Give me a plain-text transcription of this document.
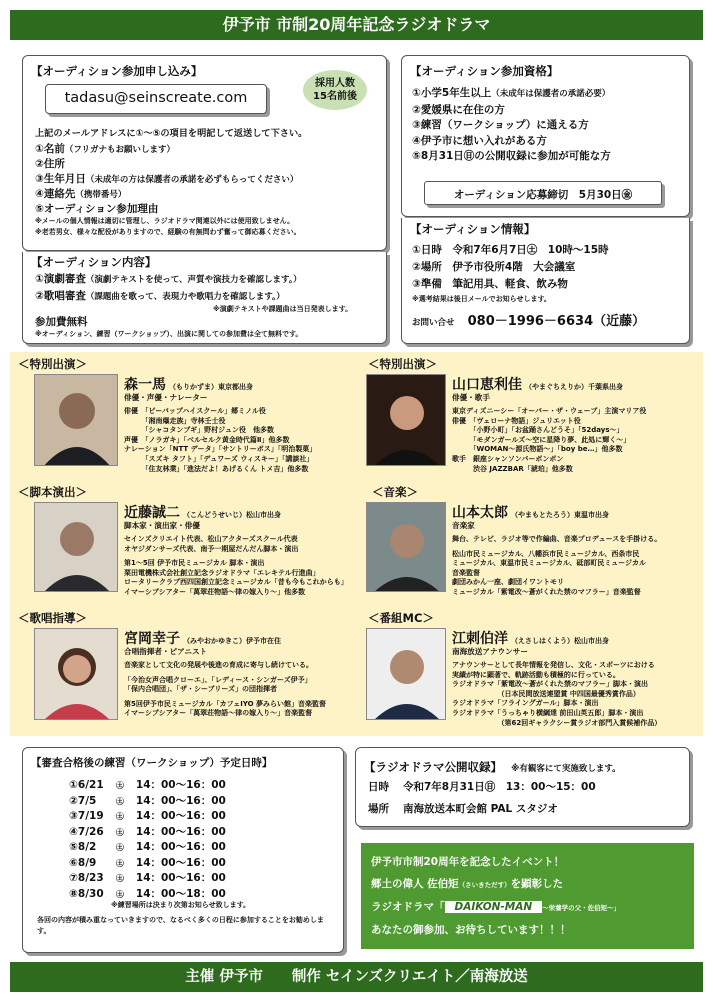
伊予市 市制20周年記念ラジオドラマ
【オーディション参加申し込み】
tadasu@seinscreate.com
採用人数
15名前後
上記のメールアドレスに①～⑤の項目を明記して返送して下さい。
①名前（フリガナもお願いします）
②住所
③生年月日（未成年の方は保護者の承諾を必ずもらってください）
④連絡先（携帯番号）
⑤オーディション参加理由
※メールの個人情報は適切に管理し、ラジオドラマ関連以外には使用致しません。
※老若男女、様々な配役がありますので、経験の有無問わず奮って御応募ください。
【オーディション内容】
①演劇審査（演劇テキストを使って、声質や演技力を確認します。）
②歌唱審査（課題曲を歌って、表現力や歌唱力を確認します。）
※演劇テキストや課題曲は当日発表します。
参加費無料
※オーディション、練習（ワークショップ）、出演に関しての参加費は全て無料です。
【オーディション参加資格】
①小学5年生以上（未成年は保護者の承諾必要）
②愛媛県に在住の方
③練習（ワークショップ）に通える方
④伊予市に想い入れがある方
⑤8月31日㊐の公開収録に参加が可能な方
オーディション応募締切　5月30日㊎
【オーディション情報】
①日時　令和7年6月7日㊏　10時～15時
②場所　伊予市役所4階　大会議室
③準備　筆記用具、軽食、飲み物
※選考結果は後日メールでお知らせします。
お問い合せ 080－1996－6634（近藤）
＜特別出演＞
森一馬 （もりかずま）東京都出身
俳優・声優・ナレーター
俳優　「ビーバップハイスクール」郷ミノル役
　　　「湘南爆走族」寺林壬士役
　　　「シャコタンブギ」野村ジュン役　他多数
声優　「ノラガキ」「ベルセルク黄金時代篇Ⅱ」他多数
ナレーション「NTT データ」「サントリーボス」「明治製菓」
　　　「スズキ タフト」「デュワーズ ウィスキー」「講談社」
　　　「住友林業」「進法だよ！あげるくん トメ吉」他多数
＜特別出演＞
山口恵利佳 （やまぐちえりか）千葉県出身
俳優・歌手
東京ディズニーシー「オーバー・ザ・ウェーブ」主演マリア役
俳優　「ヴェローナ物語」ジュリエット役
　　　「小野小町」「お盆踊さんどうそ」「52days～」
　　　「モダンガールズ～空に星降り夢、此処に輝く～」
　　　「WOMAN～源氏物語～」「boy be…」他多数
歌手　銀座シャンソンバーボンボン
　　　渋谷 JAZZBAR「琥珀」他多数
＜脚本演出＞
近藤誠二 （こんどうせいじ）松山市出身
脚本家・演出家・俳優
セインズクリエイト代表、松山アクターズスクール代表
オヤジダンサーズ代表、南予一期屋だんだん脚本・演出
第1～5回 伊予市民ミュージカル 脚本・演出
栗田電機株式会社創立記念ラジオドラマ「エレキテル行進曲」
ロータリークラブ西四国創立記念ミュージカル「昔も今もこれからも」
イマーシブシアター「萬翠荘物語～律の嫁入り～」他多数
＜音楽＞
山本太郎 （やまもとたろう）東温市出身
音楽家
舞台、テレビ、ラジオ等で作編曲、音楽プロデュースを手掛ける。
松山市民ミュージカル、八幡浜市民ミュージカル、西条市民
ミュージカル、東温市民ミュージカル、砥部町民ミュージカル
音楽監督
劇団みかん一座、劇団イワントモリ
ミュージカル「紫電改～蒼がくれた禁のマフラー」音楽監督
＜歌唱指導＞
宮岡幸子 （みやおかゆきこ）伊予市在住
合唱指揮者・ピアニスト
音楽家として文化の発展や後進の育成に寄与し続けている。
「今治女声合唱クローエ」、「レディース・シンガーズ伊予」
「保内合唱団」、「ザ・シーブリーズ」の団指揮者
第5回伊予市民ミュージカル「カフェIYO 夢みらい館」音楽監督
イマーシブシアター「萬翠荘物語～律の嫁入り～」音楽監督
＜番組MC＞
江刺伯洋 （えさしはくよう）松山市出身
南海放送アナウンサー
アナウンサーとして長年情報を発信し、文化・スポーツにおける
実績が特に顕著で、軌跡活動も積極的に行っている。
ラジオドラマ「紫電改～蒼がくれた禁のマフラー」脚本・演出
　　　　　　　（日本民間放送連盟賞 中四国最優秀賞作品）
ラジオドラマ「フライングガール」脚本・演出
ラジオドラマ「うっちゃり横綱達 前田山英五郎」脚本・演出
　　　　　　　（第62回ギャラクシー賞ラジオ部門入賞候補作品）
【審査合格後の練習（ワークショップ）予定日時】
①6/21 ㊏ 14：00～16：00
②7/5 ㊏ 14：00～16：00
③7/19 ㊏ 14：00～16：00
④7/26 ㊏ 14：00～16：00
⑤8/2 ㊏ 14：00～16：00
⑥8/9 ㊏ 14：00～16：00
⑦8/23 ㊏ 14：00～16：00
⑧8/30 ㊏ 14：00～18：00
※練習場所は決まり次第お知らせ致します。
各回の内容が積み重なっていきますので、なるべく多くの日程に参加することをお勧めします。
【ラジオドラマ公開収録】 ※有観客にて実施致します。
日時 令和7年8月31日㊐　13：00～15：00
場所 南海放送本町会館 PAL スタジオ
伊予市市制20周年を記念したイベント！
郷土の偉人 佐伯矩（さいきただす）を顕彰した
ラジオドラマ「 DAIKON-MAN ～栄養学の父・佐伯矩～」
あなたの御参加、お待ちしています！！！
主催 伊予市　　制作 セインズクリエイト／南海放送
